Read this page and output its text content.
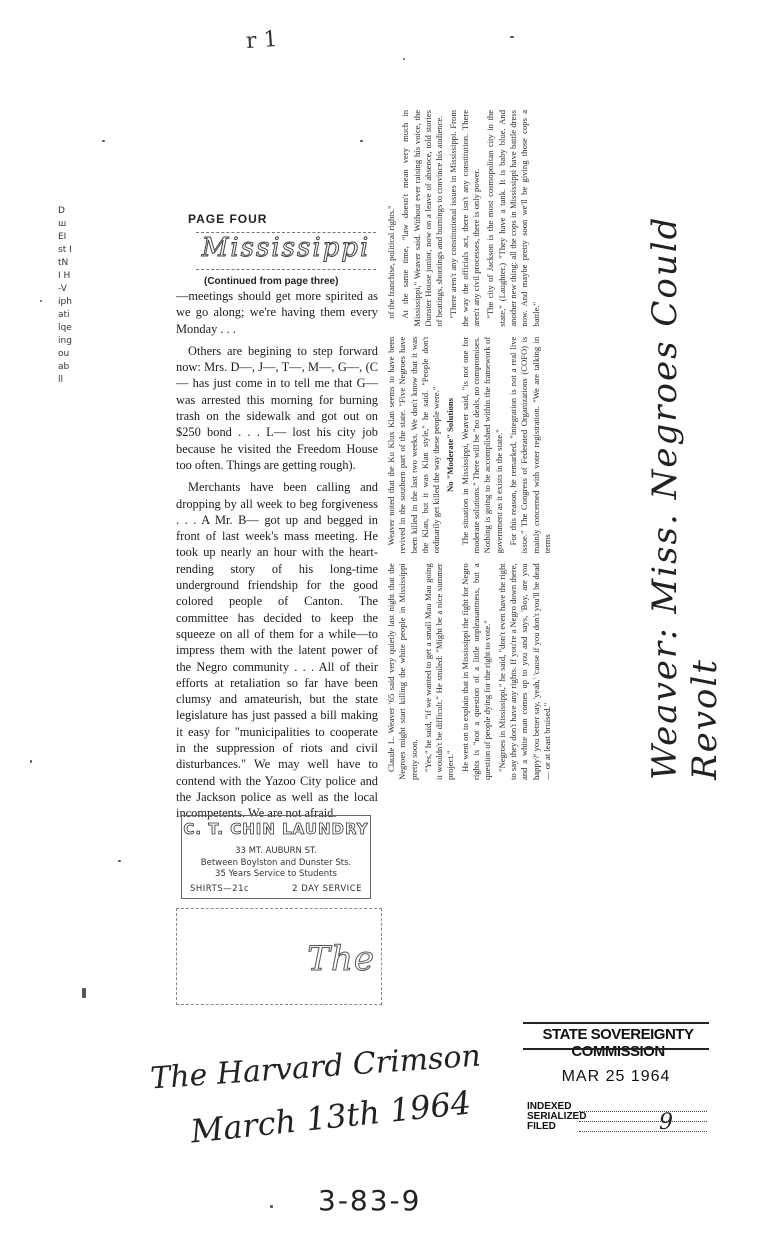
r 1
D
ш
EI
st I
tN
I H
-V
iph
ati
lqe
ing
ou
ab
ll	Weaver: Miss. Negroes Could Revolt

Claude L. Weaver '65 said very quietly last night that the Negroes might start killing the white people in Mississippi pretty soon. "Yes," he said, "if we wanted to get a small Mau Mau going it wouldn't be difficult." He smiled: "Might be a nice summer project." He went on to explain that in Mississippi the fight for Negro rights is "not a question of a little unpleasantness, but a question of people dying for the right to vote." "Negroes in Mississippi," he said, "don't even have the right to say they don't have any rights. If you're a Negro down there, and a white man comes up to you and says, 'Boy, are you happy?' you better say, 'yeah,' 'cause if you don't you'll be dead — or at least bruised."

Weaver noted that the Ku Klux Klan seems to have been revived in the southern part of the state. "Five Negroes have been killed in the last two weeks. We don't know that it was the Klan, but it was Klan style," he said. "People don't ordinarily get killed the way these people were." No "Moderate" Solutions The situation in Mississippi, Weaver said, "is not one for moderate solutions." There will be "no deals, no compromises. Nothing is going to be accomplished within the framework of government as it exists in the state." For this reason, he remarked, "integration is not a real live issue." The Congress of Federated Organizations (COFO) is mainly concerned with voter registration. "We are talking in terms

of the franchise, political rights." At the same time, "law doesn't mean very much in Mississippi," Weaver said. Without ever raising his voice, the Dunster House junior, now on a leave of absence, told stories of beatings, shootings and burnings to convince his audience. "There aren't any constitutional issues in Mississippi. From the way the officials act, there isn't any constitution. There aren't any civil processes, there is only power. "The city of Jackson is the most cosmopolitan city in the state," (Laughter.) "They have a tank. It is baby blue. And another new thing: all the cops in Mississippi have battle dress now. And maybe pretty soon we'll be giving those cops a battle."

PAGE FOUR
Mississippi
(Continued from page three)

—meetings should get more spirited as we go along; we're having them every Monday . . .

Others are begining to step forward now: Mrs. D—, J—, T—, M—, G—, (C— has just come in to tell me that G— was arrested this morning for burning trash on the sidewalk and got out on $250 bond . . . L— lost his city job because he visited the Freedom House too often. Things are getting rough).

Merchants have been calling and dropping by all week to beg forgiveness . . . A Mr. B— got up and begged in front of last week's mass meeting. He took up nearly an hour with the heart-rending story of his long-time underground friendship for the good colored people of Canton. The committee has decided to keep the squeeze on all of them for a while—to impress them with the latent power of the Negro community . . . All of their efforts at retaliation so far have been clumsy and amateurish, but the state legislature has just passed a bill making it easy for "municipalities to cooperate in the suppression of riots and civil disturbances." We may well have to contend with the Yazoo City police and the Jackson police as well as the local incompetents. We are not afraid.

C. T. CHIN LAUNDRY
33 MT. AUBURN ST.
Between Boylston and Dunster Sts.
35 Years Service to Students
SHIRTS—21c	2 DAY SERVICE
The
STATE SOVEREIGNTY COMMISSION
MAR 25 1964
INDEXED
SERIALIZED
FILED	9
The Harvard Crimson
March 13th 1964
3-83-9
